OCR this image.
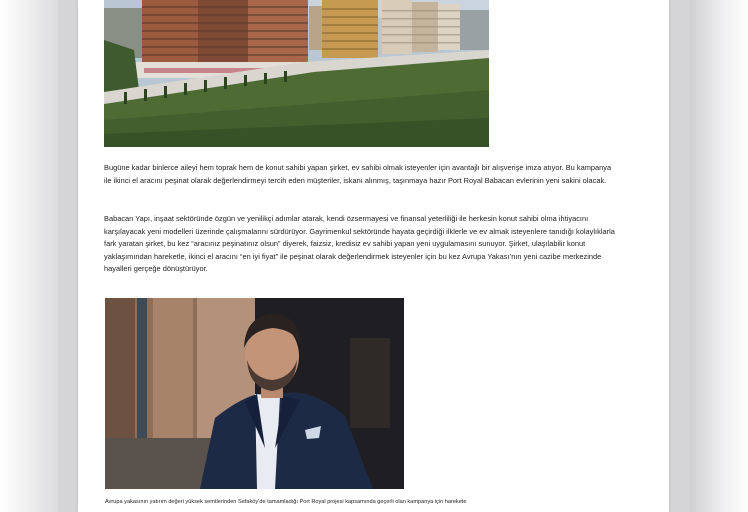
Bugüne kadar binlerce aileyi hem toprak hem de konut sahibi yapan şirket, ev sahibi olmak isteyenler için avantajlı bir alışverişe imza atıyor. Bu kampanya ile ikinci el aracını peşinat olarak değerlendirmeyi tercih eden müşteriler, iskanı alınmış, taşınmaya hazır Port Royal Babacan evlerinin yeni sakini olacak.

Babacan Yapı, inşaat sektöründe özgün ve yenilikçi adımlar atarak, kendi özsermayesi ve finansal yeterliliği ile herkesin konut sahibi olma ihtiyacını karşılayacak yeni modelleri üzerinde çalışmalarını sürdürüyor. Gayrimenkul sektöründe hayata geçirdiği ilklerle ve ev almak isteyenlere tanıdığı kolaylıklarla fark yaratan şirket, bu kez “aracınız peşinatınız olsun” diyerek, faizsiz, kredisiz ev sahibi yapan yeni uygulamasını sunuyor. Şirket, ulaşılabilir konut yaklaşımından hareketle, ikinci el aracını “en iyi fiyat” ile peşinat olarak değerlendirmek isteyenler için bu kez Avrupa Yakası’nın yeni cazibe merkezinde hayalleri gerçeğe dönüştürüyor.

Avrupa yakasının yatırım değeri yüksek semtlerinden Sefaköy’de tamamladığı Port Royal projesi kapsamında geçerli olan kampanya için harekete
